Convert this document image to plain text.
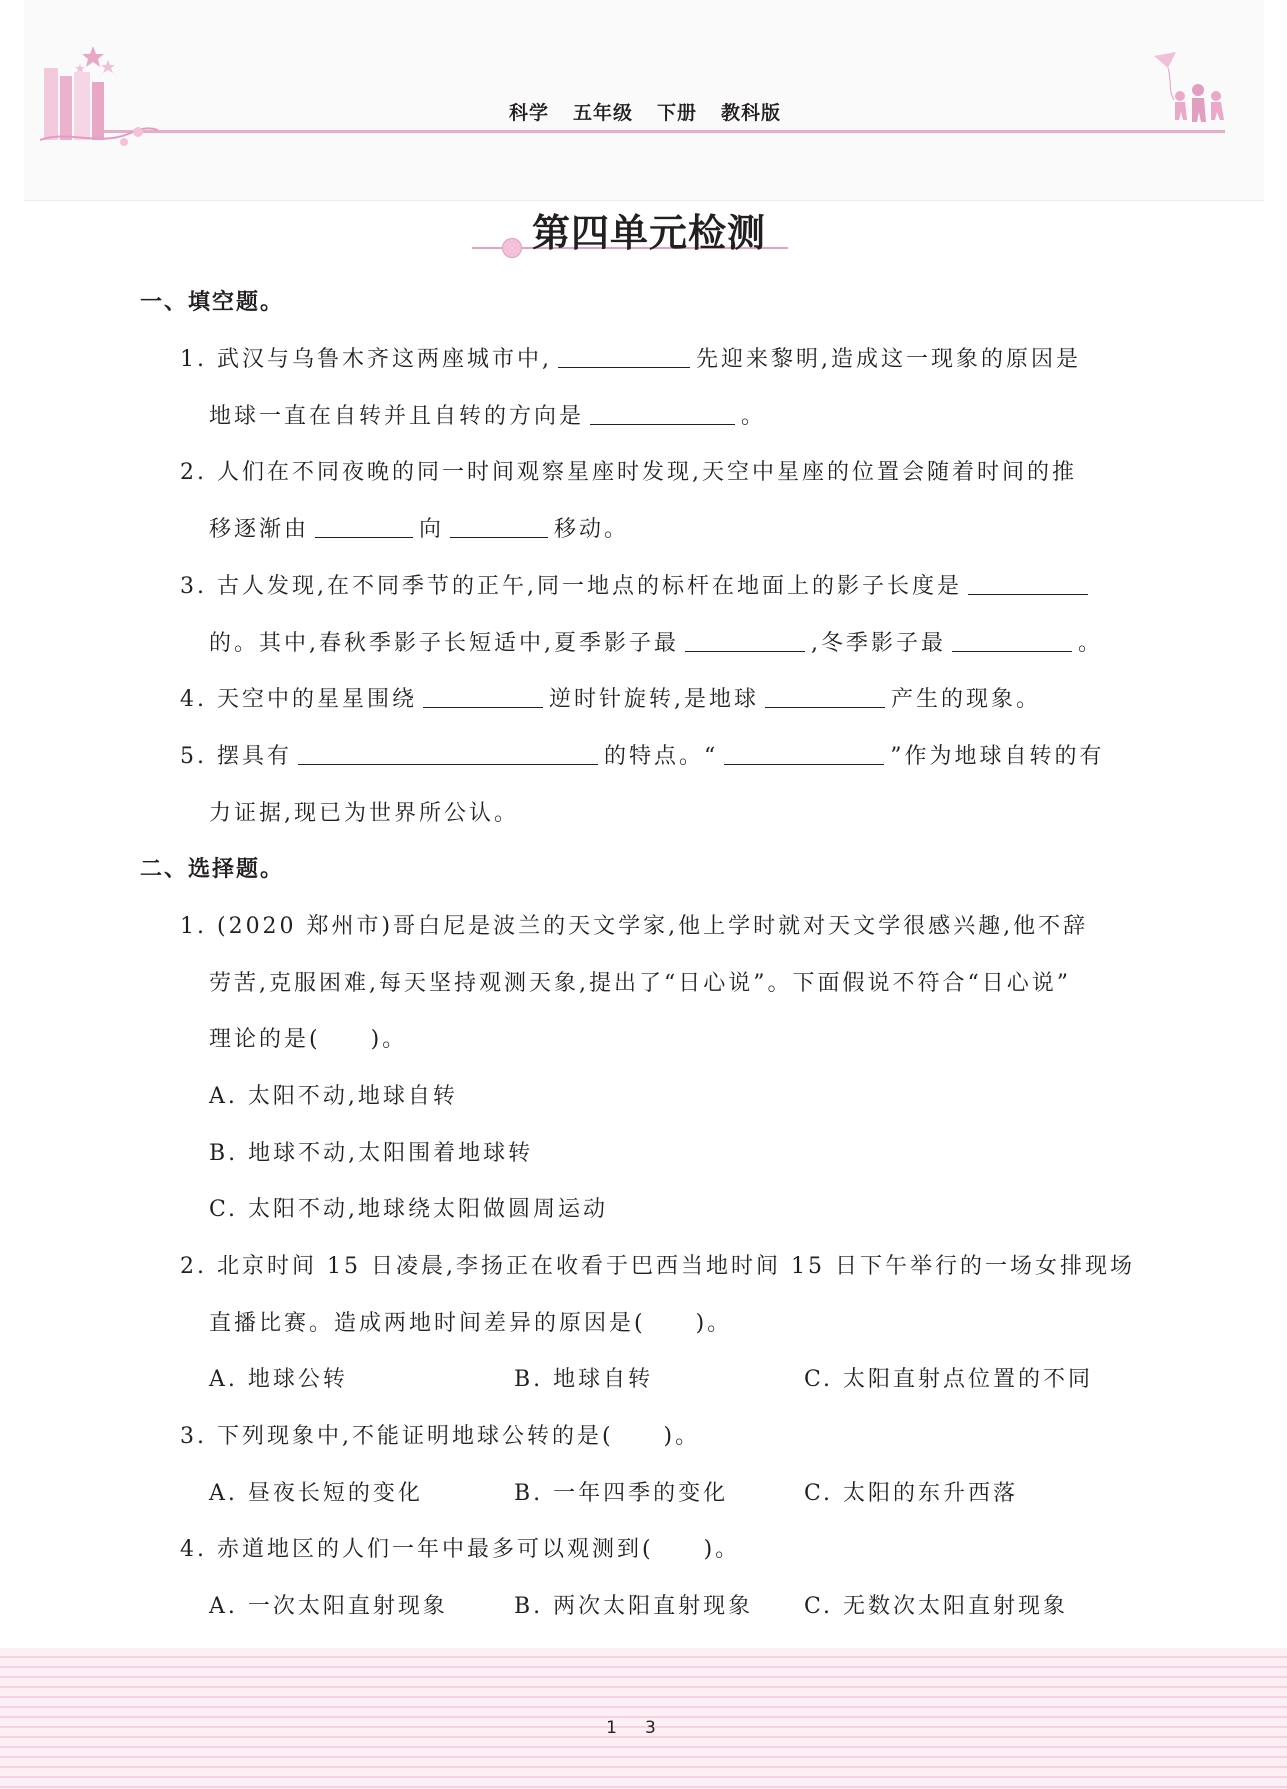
科学 五年级 下册 教科版
第四单元检测
一、填空题。
1. 武汉与乌鲁木齐这两座城市中,	先迎来黎明,造成这一现象的原因是
地球一直在自转并且自转的方向是	。
2. 人们在不同夜晚的同一时间观察星座时发现,天空中星座的位置会随着时间的推
移逐渐由	向	移动。
3. 古人发现,在不同季节的正午,同一地点的标杆在地面上的影子长度是
的。其中,春秋季影子长短适中,夏季影子最	,冬季影子最	。
4. 天空中的星星围绕	逆时针旋转,是地球	产生的现象。
5. 摆具有	的特点。“	”作为地球自转的有
力证据,现已为世界所公认。
二、选择题。
1. (2020 郑州市)哥白尼是波兰的天文学家,他上学时就对天文学很感兴趣,他不辞
劳苦,克服困难,每天坚持观测天象,提出了“日心说”。下面假说不符合“日心说”
理论的是(　　)。
A. 太阳不动,地球自转
B. 地球不动,太阳围着地球转
C. 太阳不动,地球绕太阳做圆周运动
2. 北京时间 15 日凌晨,李扬正在收看于巴西当地时间 15 日下午举行的一场女排现场
直播比赛。造成两地时间差异的原因是(　　)。
A. 地球公转	B. 地球自转	C. 太阳直射点位置的不同
3. 下列现象中,不能证明地球公转的是(　　)。
A. 昼夜长短的变化	B. 一年四季的变化	C. 太阳的东升西落
4. 赤道地区的人们一年中最多可以观测到(　　)。
A. 一次太阳直射现象	B. 两次太阳直射现象 C. 无数次太阳直射现象
13
